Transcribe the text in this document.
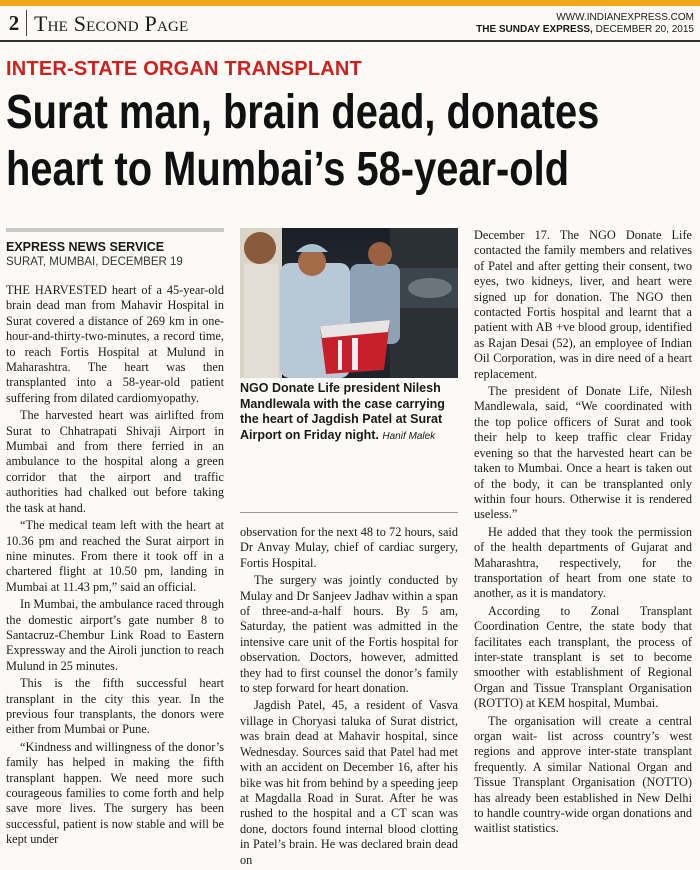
2 The Second Page	WWW.INDIANEXPRESS.COM
THE SUNDAY EXPRESS, DECEMBER 20, 2015
INTER-STATE ORGAN TRANSPLANT
Surat man, brain dead, donates
heart to Mumbai’s 58-year-old
EXPRESS NEWS SERVICE
SURAT, MUMBAI, DECEMBER 19

THE HARVESTED heart of a 45-year-old brain dead man from Mahavir Hospital in Surat covered a distance of 269 km in one-hour-and-thirty-two-minutes, a record time, to reach Fortis Hospital at Mulund in Maharashtra. The heart was then transplanted into a 58-year-old patient suffering from dilated cardiomyopathy.

The harvested heart was airlifted from Surat to Chhatrapati Shivaji Airport in Mumbai and from there ferried in an ambulance to the hospital along a green corridor that the airport and traffic authorities had chalked out before taking the task at hand.

“The medical team left with the heart at 10.36 pm and reached the Surat airport in nine minutes. From there it took off in a chartered flight at 10.50 pm, landing in Mumbai at 11.43 pm,” said an official.

In Mumbai, the ambulance raced through the domestic airport’s gate number 8 to Santacruz-Chembur Link Road to Eastern Expressway and the Airoli junction to reach Mulund in 25 minutes.

This is the fifth successful heart transplant in the city this year. In the previous four transplants, the donors were either from Mumbai or Pune.

“Kindness and willingness of the donor’s family has helped in making the fifth transplant happen. We need more such courageous families to come forth and help save more lives. The surgery has been successful, patient is now stable and will be kept under

NGO Donate Life president Nilesh Mandlewala with the case carrying the heart of Jagdish Patel at Surat Airport on Friday night. Hanif Malek

observation for the next 48 to 72 hours, said Dr Anvay Mulay, chief of cardiac surgery, Fortis Hospital.

The surgery was jointly conducted by Mulay and Dr Sanjeev Jadhav within a span of three-and-a-half hours. By 5 am, Saturday, the patient was admitted in the intensive care unit of the Fortis hospital for observation. Doctors, however, admitted they had to first counsel the donor’s family to step forward for heart donation.

Jagdish Patel, 45, a resident of Vasva village in Choryasi taluka of Surat district, was brain dead at Mahavir hospital, since Wednesday. Sources said that Patel had met with an accident on December 16, after his bike was hit from behind by a speeding jeep at Magdalla Road in Surat. After he was rushed to the hospital and a CT scan was done, doctors found internal blood clotting in Patel’s brain. He was declared brain dead on

December 17. The NGO Donate Life contacted the family members and relatives of Patel and after getting their consent, two eyes, two kidneys, liver, and heart were signed up for donation. The NGO then contacted Fortis hospital and learnt that a patient with AB +ve blood group, identified as Rajan Desai (52), an employee of Indian Oil Corporation, was in dire need of a heart replacement.

The president of Donate Life, Nilesh Mandlewala, said, “We coordinated with the top police officers of Surat and took their help to keep traffic clear Friday evening so that the harvested heart can be taken to Mumbai. Once a heart is taken out of the body, it can be transplanted only within four hours. Otherwise it is rendered useless.”

He added that they took the permission of the health departments of Gujarat and Maharashtra, respectively, for the transportation of heart from one state to another, as it is mandatory.

According to Zonal Transplant Coordination Centre, the state body that facilitates each transplant, the process of inter-state transplant is set to become smoother with establishment of Regional Organ and Tissue Transplant Organisation (ROTTO) at KEM hospital, Mumbai.

The organisation will create a central organ wait- list across country’s west regions and approve inter-state transplant frequently. A similar National Organ and Tissue Transplant Organisation (NOTTO) has already been established in New Delhi to handle country-wide organ donations and waitlist statistics.
